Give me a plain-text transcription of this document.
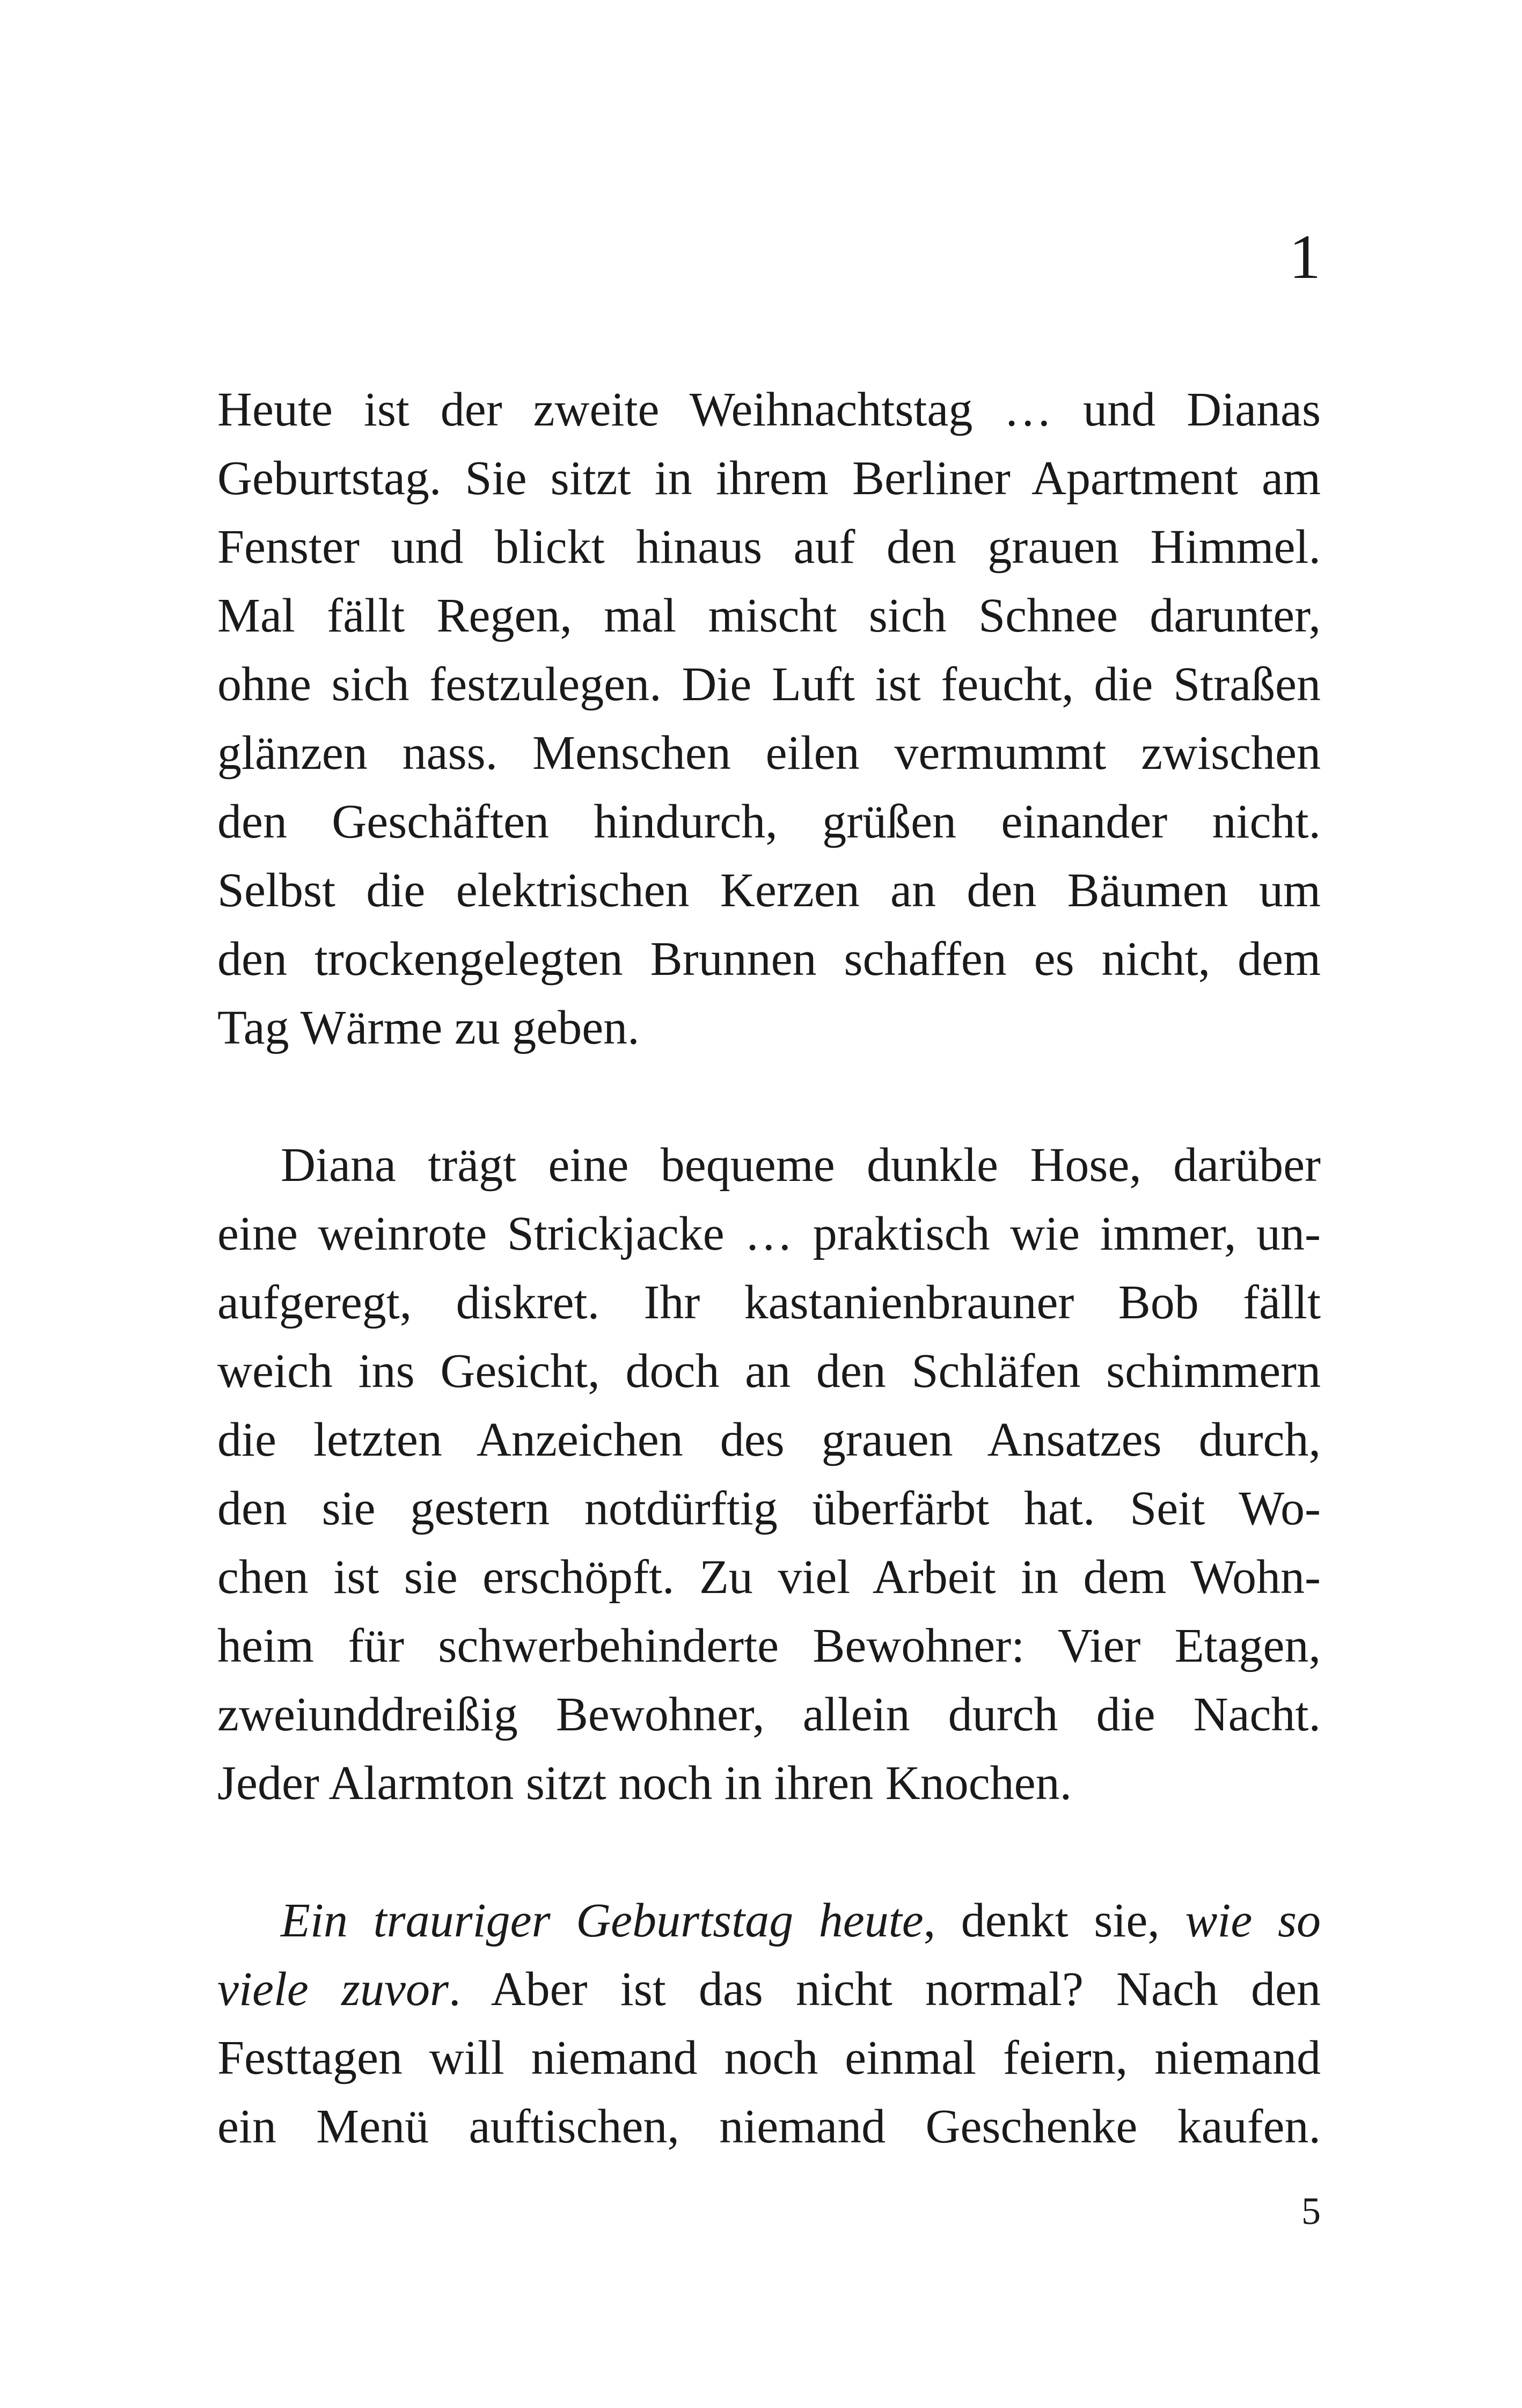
1

Heute ist der zweite Weihnachtstag … und Dianas
Geburtstag. Sie sitzt in ihrem Berliner Apartment am
Fenster und blickt hinaus auf den grauen Himmel.
Mal fällt Regen, mal mischt sich Schnee darunter,
ohne sich festzulegen. Die Luft ist feucht, die Straßen
glänzen nass. Menschen eilen vermummt zwischen
den Geschäften hindurch, grüßen einander nicht.
Selbst die elektrischen Kerzen an den Bäumen um
den trockengelegten Brunnen schaffen es nicht, dem
Tag Wärme zu geben.

Diana trägt eine bequeme dunkle Hose, darüber
eine weinrote Strickjacke … praktisch wie immer, un-
aufgeregt, diskret. Ihr kastanienbrauner Bob fällt
weich ins Gesicht, doch an den Schläfen schimmern
die letzten Anzeichen des grauen Ansatzes durch,
den sie gestern notdürftig überfärbt hat. Seit Wo-
chen ist sie erschöpft. Zu viel Arbeit in dem Wohn-
heim für schwerbehinderte Bewohner: Vier Etagen,
zweiunddreißig Bewohner, allein durch die Nacht.
Jeder Alarmton sitzt noch in ihren Knochen.

Ein trauriger Geburtstag heute, denkt sie, wie so
viele zuvor. Aber ist das nicht normal? Nach den
Festtagen will niemand noch einmal feiern, niemand
ein Menü auftischen, niemand Geschenke kaufen.

5
